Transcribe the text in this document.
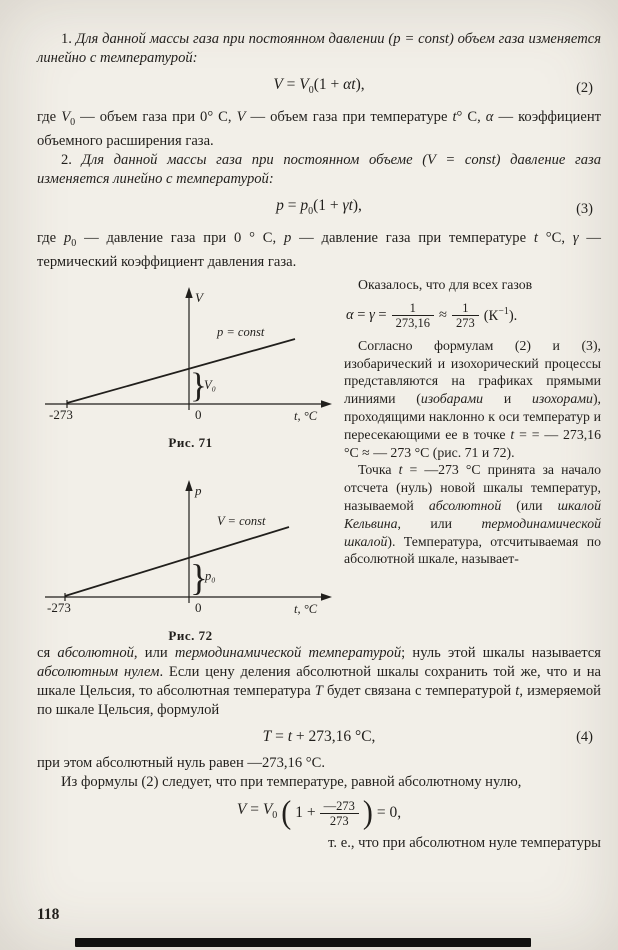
1. Для данной массы газа при постоянном давлении (p = const) объем газа изменяется линейно с температурой:

$V = V_0(1 + \alpha t)$,	(2)

где $V_0$ — объем газа при 0° С, V — объем газа при температуре t° С, α — коэффициент объемного расширения газа.

2. Для данной массы газа при постоянном объеме (V = const) давление газа изменяется линейно с температурой:

$p = p_0(1 + \gamma t)$,	(3)

где $p_0$ — давление газа при 0 ° С, p — давление газа при температуре t °С, γ — термический коэффициент давления газа.

V
p = const
}
V₀
-273	0	t, °C
Рис. 71
p
V = const
}
p₀
-273	0	t, °C
Рис. 72

Оказалось, что для всех газов

$\alpha = \gamma = \frac{1}{273,16} \approx \frac{1}{273} (К^{-1})$.

Согласно формулам (2) и (3), изобарический и изохорический процессы представляются на графиках прямыми линиями (изобарами и изохорами), проходящими наклонно к оси температур и пересекающими ее в точке t = = — 273,16 °С ≈ — 273 °С (рис. 71 и 72).

Точка t = —273 °С принята за начало отсчета (нуль) новой шкалы температур, называемой абсолютной (или шкалой Кельвина, или термодинамической шкалой). Температура, отсчитываемая по абсолютной шкале, называет-

ся абсолютной, или термодинамической температурой; нуль этой шкалы называется абсолютным нулем. Если цену деления абсолютной шкалы сохранить той же, что и на шкале Цельсия, то абсолютная температура T будет связана с температурой t, измеряемой по шкале Цельсия, формулой

T = t + 273,16 °С,	(4)

при этом абсолютный нуль равен —273,16 °С.

Из формулы (2) следует, что при температуре, равной абсолютному нулю,

$V = V_0$ ( $1 + \frac{—273}{273}$ ) = 0,

т. е., что при абсолютном нуле температуры

118
